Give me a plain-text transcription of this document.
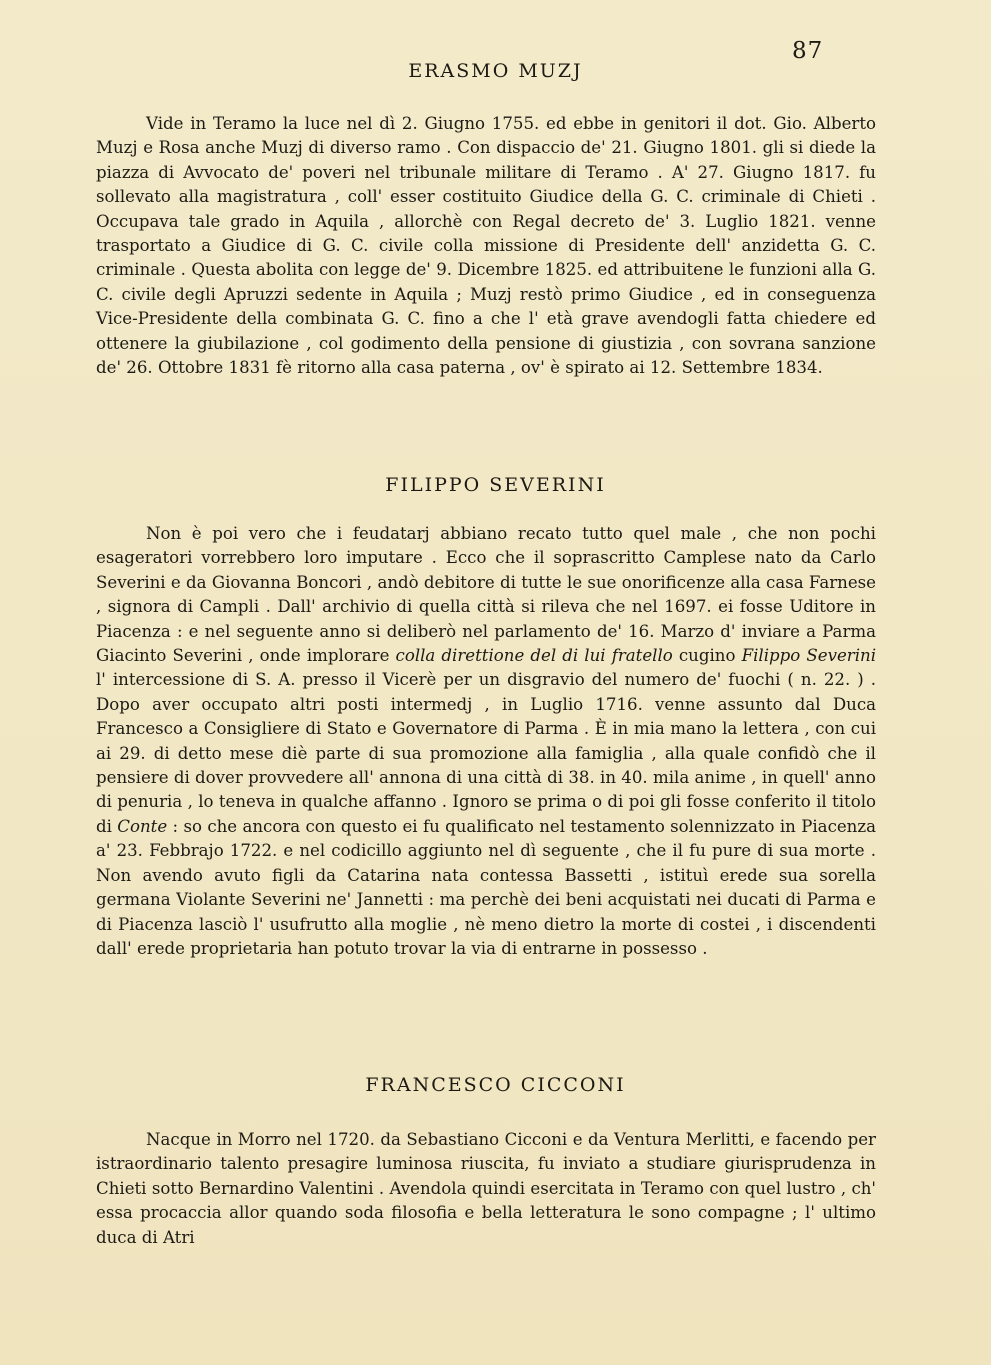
87
ERASMO MUZJ

Vide in Teramo la luce nel dì 2. Giugno 1755. ed ebbe in genitori il dot. Gio. Alberto Muzj e Rosa anche Muzj di diverso ramo . Con dispaccio de' 21. Giugno 1801. gli si diede la piazza di Avvocato de' poveri nel tribunale militare di Teramo . A' 27. Giugno 1817. fu sollevato alla magistratura , coll' esser costituito Giudice della G. C. criminale di Chieti . Occupava tale grado in Aquila , allorchè con Regal decreto de' 3. Luglio 1821. venne trasportato a Giudice di G. C. civile colla missione di Presidente dell' anzidetta G. C. criminale . Questa abolita con legge de' 9. Dicembre 1825. ed attribuitene le funzioni alla G. C. civile degli Apruzzi sedente in Aquila ; Muzj restò primo Giudice , ed in conseguenza Vice-Presidente della combinata G. C. fino a che l' età grave avendogli fatta chiedere ed ottenere la giubilazione , col godimento della pensione di giustizia , con sovrana sanzione de' 26. Ottobre 1831 fè ritorno alla casa paterna , ov' è spirato ai 12. Settembre 1834.

FILIPPO SEVERINI

Non è poi vero che i feudatarj abbiano recato tutto quel male , che non pochi esageratori vorrebbero loro imputare . Ecco che il soprascritto Camplese nato da Carlo Severini e da Giovanna Boncori , andò debitore di tutte le sue onorificenze alla casa Farnese , signora di Campli . Dall' archivio di quella città si rileva che nel 1697. ei fosse Uditore in Piacenza : e nel seguente anno si deliberò nel parlamento de' 16. Marzo d' inviare a Parma Giacinto Severini , onde implorare colla direttione del di lui fratello cugino Filippo Severini l' intercessione di S. A. presso il Vicerè per un disgravio del numero de' fuochi ( n. 22. ) . Dopo aver occupato altri posti intermedj , in Luglio 1716. venne assunto dal Duca Francesco a Consigliere di Stato e Governatore di Parma . È in mia mano la lettera , con cui ai 29. di detto mese diè parte di sua promozione alla famiglia , alla quale confidò che il pensiere di dover provvedere all' annona di una città di 38. in 40. mila anime , in quell' anno di penuria , lo teneva in qualche affanno . Ignoro se prima o di poi gli fosse conferito il titolo di Conte : so che ancora con questo ei fu qualificato nel testamento solennizzato in Piacenza a' 23. Febbrajo 1722. e nel codicillo aggiunto nel dì seguente , che il fu pure di sua morte . Non avendo avuto figli da Catarina nata contessa Bassetti , istituì erede sua sorella germana Violante Severini ne' Jannetti : ma perchè dei beni acquistati nei ducati di Parma e di Piacenza lasciò l' usufrutto alla moglie , nè meno dietro la morte di costei , i discendenti dall' erede proprietaria han potuto trovar la via di entrarne in possesso .

FRANCESCO CICCONI

Nacque in Morro nel 1720. da Sebastiano Cicconi e da Ventura Merlitti, e facendo per istraordinario talento presagire luminosa riuscita, fu inviato a studiare giurisprudenza in Chieti sotto Bernardino Valentini . Avendola quindi esercitata in Teramo con quel lustro , ch' essa procaccia allor quando soda filosofia e bella letteratura le sono compagne ; l' ultimo duca di Atri
